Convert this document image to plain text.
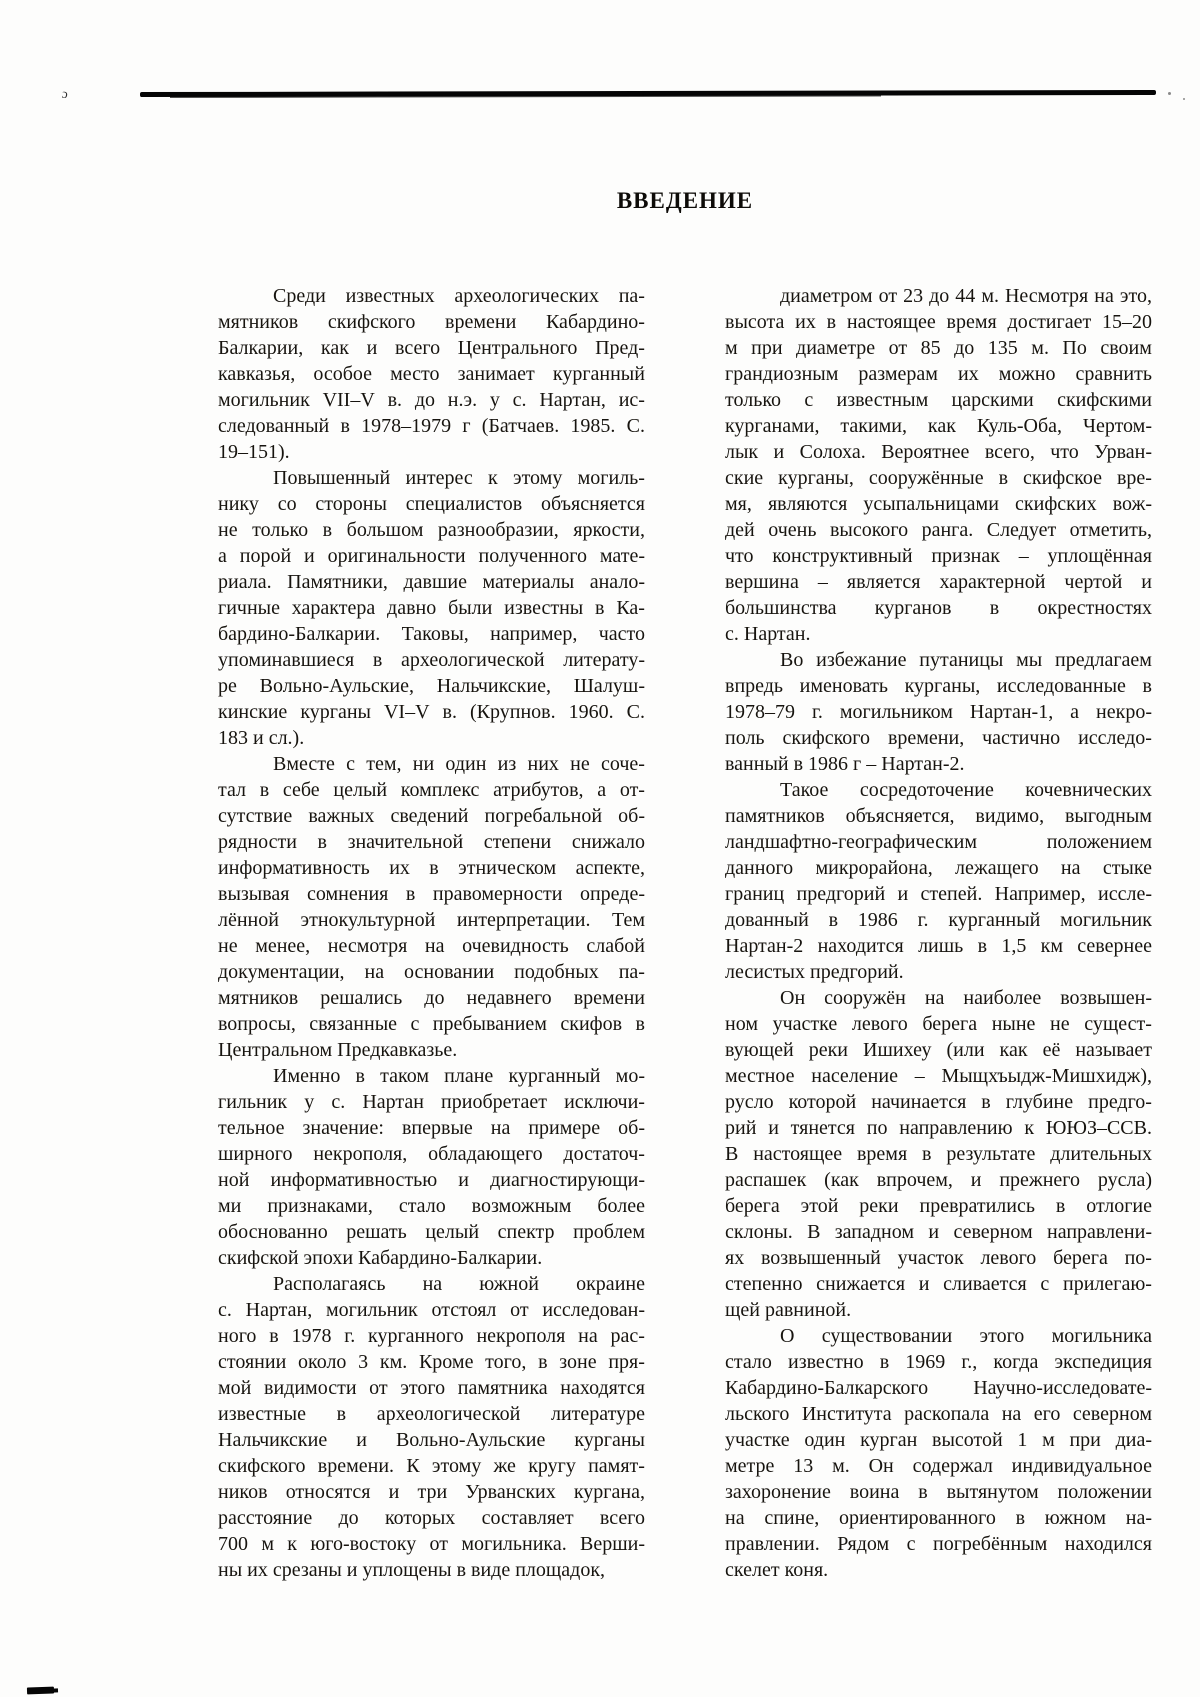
ɔ
ВВЕДЕНИЕ
Среди известных археологических па-
мятников скифского времени Кабардино-
Балкарии, как и всего Центрального Пред-
кавказья, особое место занимает курганный
могильник VII–V в. до н.э. у с. Нартан, ис-
следованный в 1978–1979 г (Батчаев. 1985. С.
19–151).
Повышенный интерес к этому могиль-
нику со стороны специалистов объясняется
не только в большом разнообразии, яркости,
а порой и оригинальности полученного мате-
риала. Памятники, давшие материалы анало-
гичные характера давно были известны в Ка-
бардино-Балкарии. Таковы, например, часто
упоминавшиеся в археологической литерату-
ре Вольно-Аульские, Нальчикские, Шалуш-
кинские курганы VI–V в. (Крупнов. 1960. С.
183 и сл.).
Вместе с тем, ни один из них не соче-
тал в себе целый комплекс атрибутов, а от-
сутствие важных сведений погребальной об-
рядности в значительной степени снижало
информативность их в этническом аспекте,
вызывая сомнения в правомерности опреде-
лённой этнокультурной интерпретации. Тем
не менее, несмотря на очевидность слабой
документации, на основании подобных па-
мятников решались до недавнего времени
вопросы, связанные с пребыванием скифов в
Центральном Предкавказье.
Именно в таком плане курганный мо-
гильник у с. Нартан приобретает исключи-
тельное значение: впервые на примере об-
ширного некрополя, обладающего достаточ-
ной информативностью и диагностирующи-
ми признаками, стало возможным более
обоснованно решать целый спектр проблем
скифской эпохи Кабардино-Балкарии.
Располагаясь на южной окраине
с. Нартан, могильник отстоял от исследован-
ного в 1978 г. курганного некрополя на рас-
стоянии около 3 км. Кроме того, в зоне пря-
мой видимости от этого памятника находятся
известные в археологической литературе
Нальчикские и Вольно-Аульские курганы
скифского времени. К этому же кругу памят-
ников относятся и три Урванских кургана,
расстояние до которых составляет всего
700 м к юго-востоку от могильника. Верши-
ны их срезаны и уплощены в виде площадок,
диаметром от 23 до 44 м. Несмотря на это,
высота их в настоящее время достигает 15–20
м при диаметре от 85 до 135 м. По своим
грандиозным размерам их можно сравнить
только с известным царскими скифскими
курганами, такими, как Куль-Оба, Чертом-
лык и Солоха. Вероятнее всего, что Урван-
ские курганы, сооружённые в скифское вре-
мя, являются усыпальницами скифских вож-
дей очень высокого ранга. Следует отметить,
что конструктивный признак – уплощённая
вершина – является характерной чертой и
большинства курганов в окрестностях
с. Нартан.
Во избежание путаницы мы предлагаем
впредь именовать курганы, исследованные в
1978–79 г. могильником Нартан-1, а некро-
поль скифского времени, частично исследо-
ванный в 1986 г – Нартан-2.
Такое сосредоточение кочевнических
памятников объясняется, видимо, выгодным
ландшафтно-географическим	положением
данного микрорайона, лежащего на стыке
границ предгорий и степей. Например, иссле-
дованный в 1986 г. курганный могильник
Нартан-2 находится лишь в 1,5 км севернее
лесистых предгорий.
Он сооружён на наиболее возвышен-
ном участке левого берега ныне не сущест-
вующей реки Ишихеу (или как её называет
местное население – Мыщхъыдж-Мишхидж),
русло которой начинается в глубине предго-
рий и тянется по направлению к ЮЮЗ–ССВ.
В настоящее время в результате длительных
распашек (как впрочем, и прежнего русла)
берега этой реки превратились в отлогие
склоны. В западном и северном направлени-
ях возвышенный участок левого берега по-
степенно снижается и сливается с прилегаю-
щей равниной.
О существовании этого могильника
стало известно в 1969 г., когда экспедиция
Кабардино-Балкарского Научно-исследовате-
льского Института раскопала на его северном
участке один курган высотой 1 м при диа-
метре 13 м. Он содержал индивидуальное
захоронение воина в вытянутом положении
на спине, ориентированного в южном на-
правлении. Рядом с погребённым находился
скелет коня.
